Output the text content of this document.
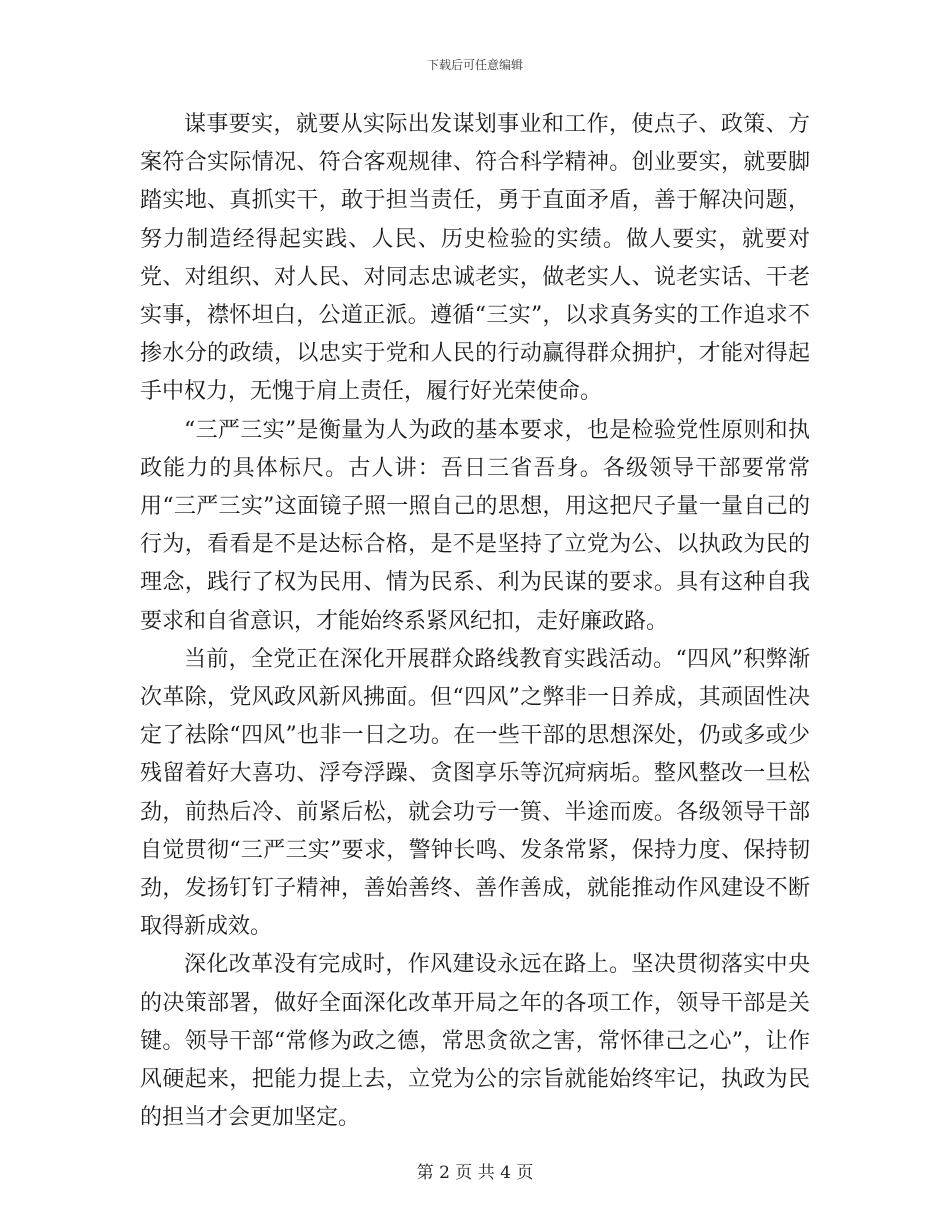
下载后可任意编辑

谋事要实，就要从实际出发谋划事业和工作，使点子、政策、方案符合实际情况、符合客观规律、符合科学精神。创业要实，就要脚踏实地、真抓实干，敢于担当责任，勇于直面矛盾，善于解决问题，努力制造经得起实践、人民、历史检验的实绩。做人要实，就要对党、对组织、对人民、对同志忠诚老实，做老实人、说老实话、干老实事，襟怀坦白，公道正派。遵循“三实”，以求真务实的工作追求不掺水分的政绩，以忠实于党和人民的行动赢得群众拥护，才能对得起手中权力，无愧于肩上责任，履行好光荣使命。

“三严三实”是衡量为人为政的基本要求，也是检验党性原则和执政能力的具体标尺。古人讲：吾日三省吾身。各级领导干部要常常用“三严三实”这面镜子照一照自己的思想，用这把尺子量一量自己的行为，看看是不是达标合格，是不是坚持了立党为公、以执政为民的理念，践行了权为民用、情为民系、利为民谋的要求。具有这种自我要求和自省意识，才能始终系紧风纪扣，走好廉政路。

当前，全党正在深化开展群众路线教育实践活动。“四风”积弊渐次革除，党风政风新风拂面。但“四风”之弊非一日养成，其顽固性决定了祛除“四风”也非一日之功。在一些干部的思想深处，仍或多或少残留着好大喜功、浮夸浮躁、贪图享乐等沉疴病垢。整风整改一旦松劲，前热后冷、前紧后松，就会功亏一篑、半途而废。各级领导干部自觉贯彻“三严三实”要求，警钟长鸣、发条常紧，保持力度、保持韧劲，发扬钉钉子精神，善始善终、善作善成，就能推动作风建设不断取得新成效。

深化改革没有完成时，作风建设永远在路上。坚决贯彻落实中央的决策部署，做好全面深化改革开局之年的各项工作，领导干部是关键。领导干部“常修为政之德，常思贪欲之害，常怀律己之心”，让作风硬起来，把能力提上去，立党为公的宗旨就能始终牢记，执政为民的担当才会更加坚定。

第 2 页 共 4 页
